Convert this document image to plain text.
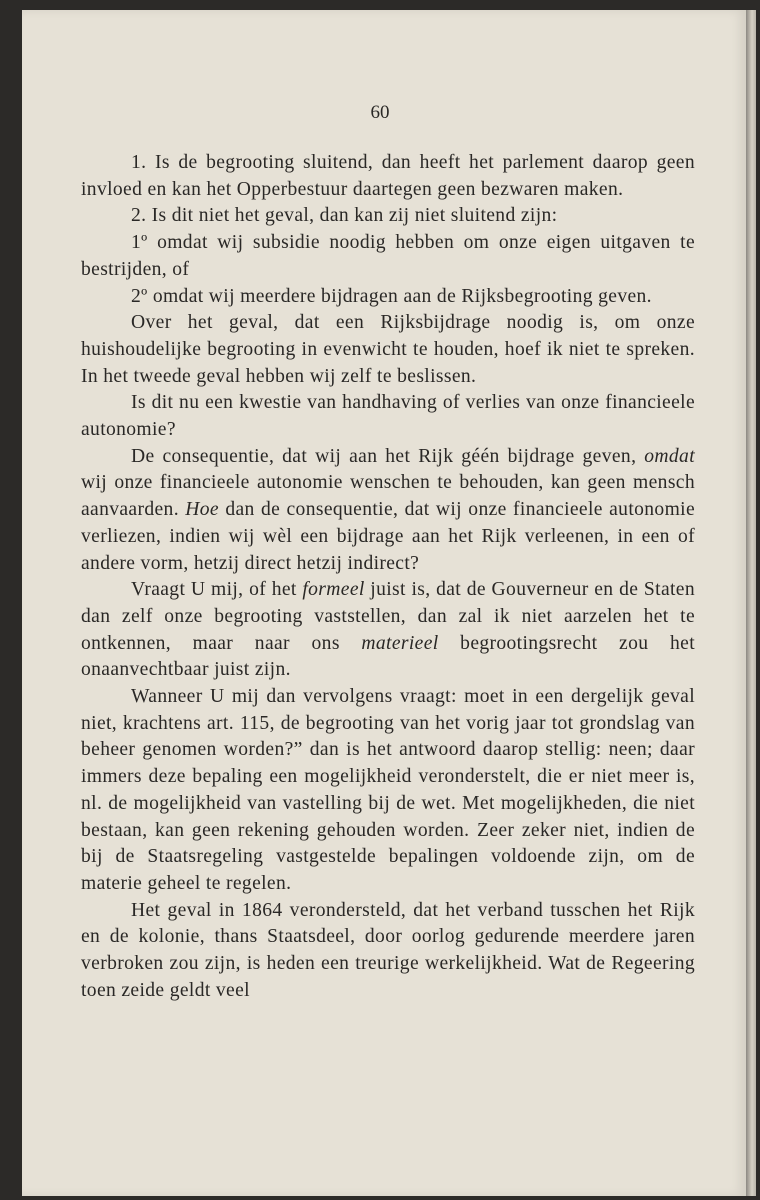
60

1. Is de begrooting sluitend, dan heeft het parlement daarop geen invloed en kan het Opperbestuur daartegen geen bezwaren maken.

2. Is dit niet het geval, dan kan zij niet sluitend zijn:

1º omdat wij subsidie noodig hebben om onze eigen uitgaven te bestrijden, of

2º omdat wij meerdere bijdragen aan de Rijksbegrooting geven.

Over het geval, dat een Rijksbijdrage noodig is, om onze huishoudelijke begrooting in evenwicht te houden, hoef ik niet te spreken. In het tweede geval hebben wij zelf te beslissen.

Is dit nu een kwestie van handhaving of verlies van onze financieele autonomie?

De consequentie, dat wij aan het Rijk géén bijdrage geven, omdat wij onze financieele autonomie wenschen te behouden, kan geen mensch aanvaarden. Hoe dan de consequentie, dat wij onze financieele autonomie verliezen, indien wij wèl een bijdrage aan het Rijk verleenen, in een of andere vorm, hetzij direct hetzij indirect?

Vraagt U mij, of het formeel juist is, dat de Gouverneur en de Staten dan zelf onze begrooting vaststellen, dan zal ik niet aarzelen het te ontkennen, maar naar ons materieel begrootingsrecht zou het onaanvechtbaar juist zijn.

Wanneer U mij dan vervolgens vraagt: moet in een dergelijk geval niet, krachtens art. 115, de begrooting van het vorig jaar tot grondslag van beheer genomen worden?” dan is het antwoord daarop stellig: neen; daar immers deze bepaling een mogelijkheid veronderstelt, die er niet meer is, nl. de mogelijkheid van vastelling bij de wet. Met mogelijkheden, die niet bestaan, kan geen rekening gehouden worden. Zeer zeker niet, indien de bij de Staatsregeling vastgestelde bepalingen voldoende zijn, om de materie geheel te regelen.

Het geval in 1864 verondersteld, dat het verband tusschen het Rijk en de kolonie, thans Staatsdeel, door oorlog gedurende meerdere jaren verbroken zou zijn, is heden een treurige werkelijkheid. Wat de Regeering toen zeide geldt veel
